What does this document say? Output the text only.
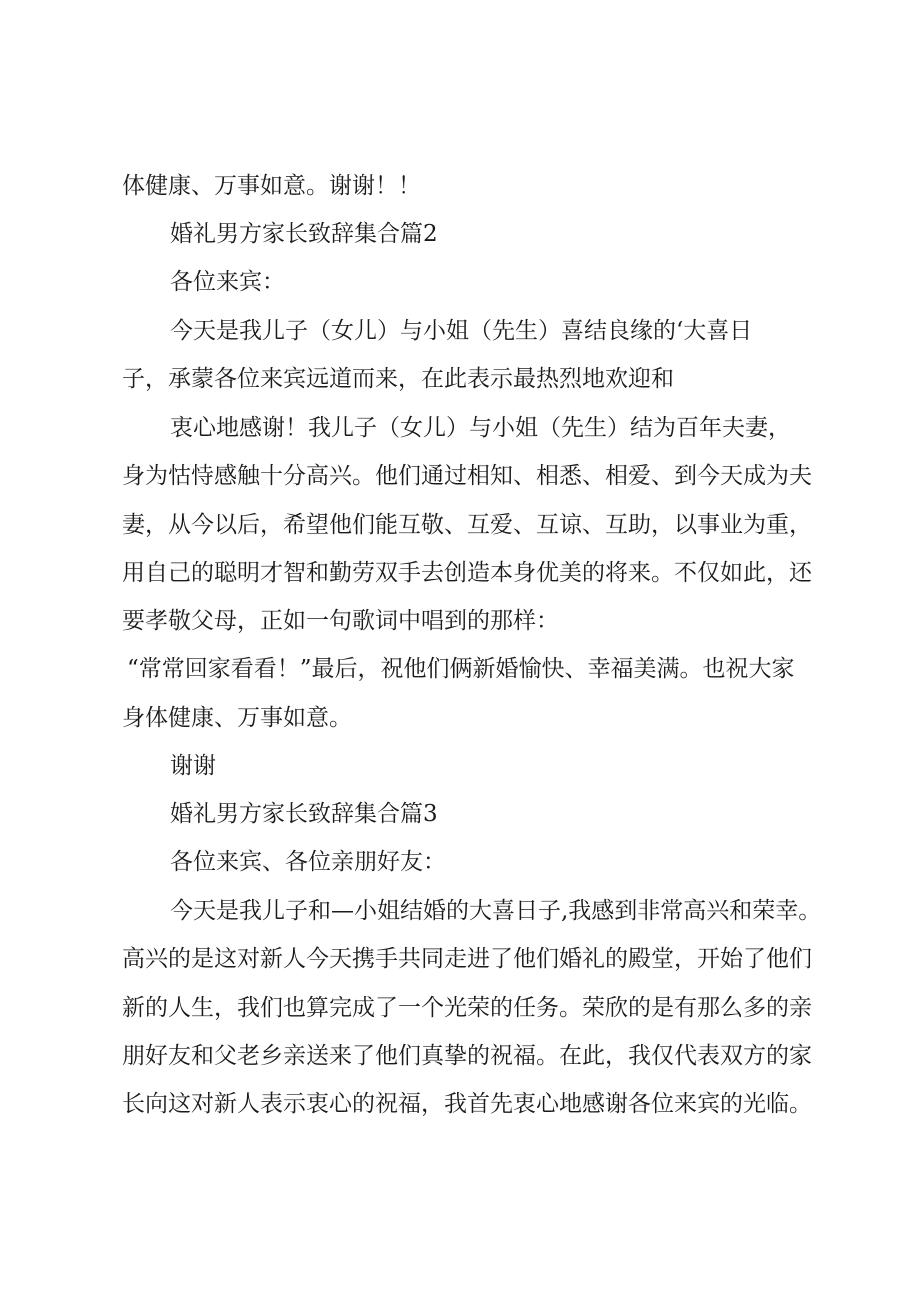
体健康、万事如意。谢谢！！
婚礼男方家长致辞集合篇2
各位来宾：
今天是我儿子（女儿）与小姐（先生）喜结良缘的‘大喜日
子，承蒙各位来宾远道而来，在此表示最热烈地欢迎和
衷心地感谢！我儿子（女儿）与小姐（先生）结为百年夫妻，
身为怙恃感触十分高兴。他们通过相知、相悉、相爱、到今天成为夫
妻，从今以后，希望他们能互敬、互爱、互谅、互助，以事业为重，
用自己的聪明才智和勤劳双手去创造本身优美的将来。不仅如此，还
要孝敬父母，正如一句歌词中唱到的那样：
“常常回家看看！”最后，祝他们俩新婚愉快、幸福美满。也祝大家
身体健康、万事如意。
谢谢
婚礼男方家长致辞集合篇3
各位来宾、各位亲朋好友：
今天是我儿子和—小姐结婚的大喜日子,我感到非常高兴和荣幸。
高兴的是这对新人今天携手共同走进了他们婚礼的殿堂，开始了他们
新的人生，我们也算完成了一个光荣的任务。荣欣的是有那么多的亲
朋好友和父老乡亲送来了他们真挚的祝福。在此，我仅代表双方的家
长向这对新人表示衷心的祝福，我首先衷心地感谢各位来宾的光临。
